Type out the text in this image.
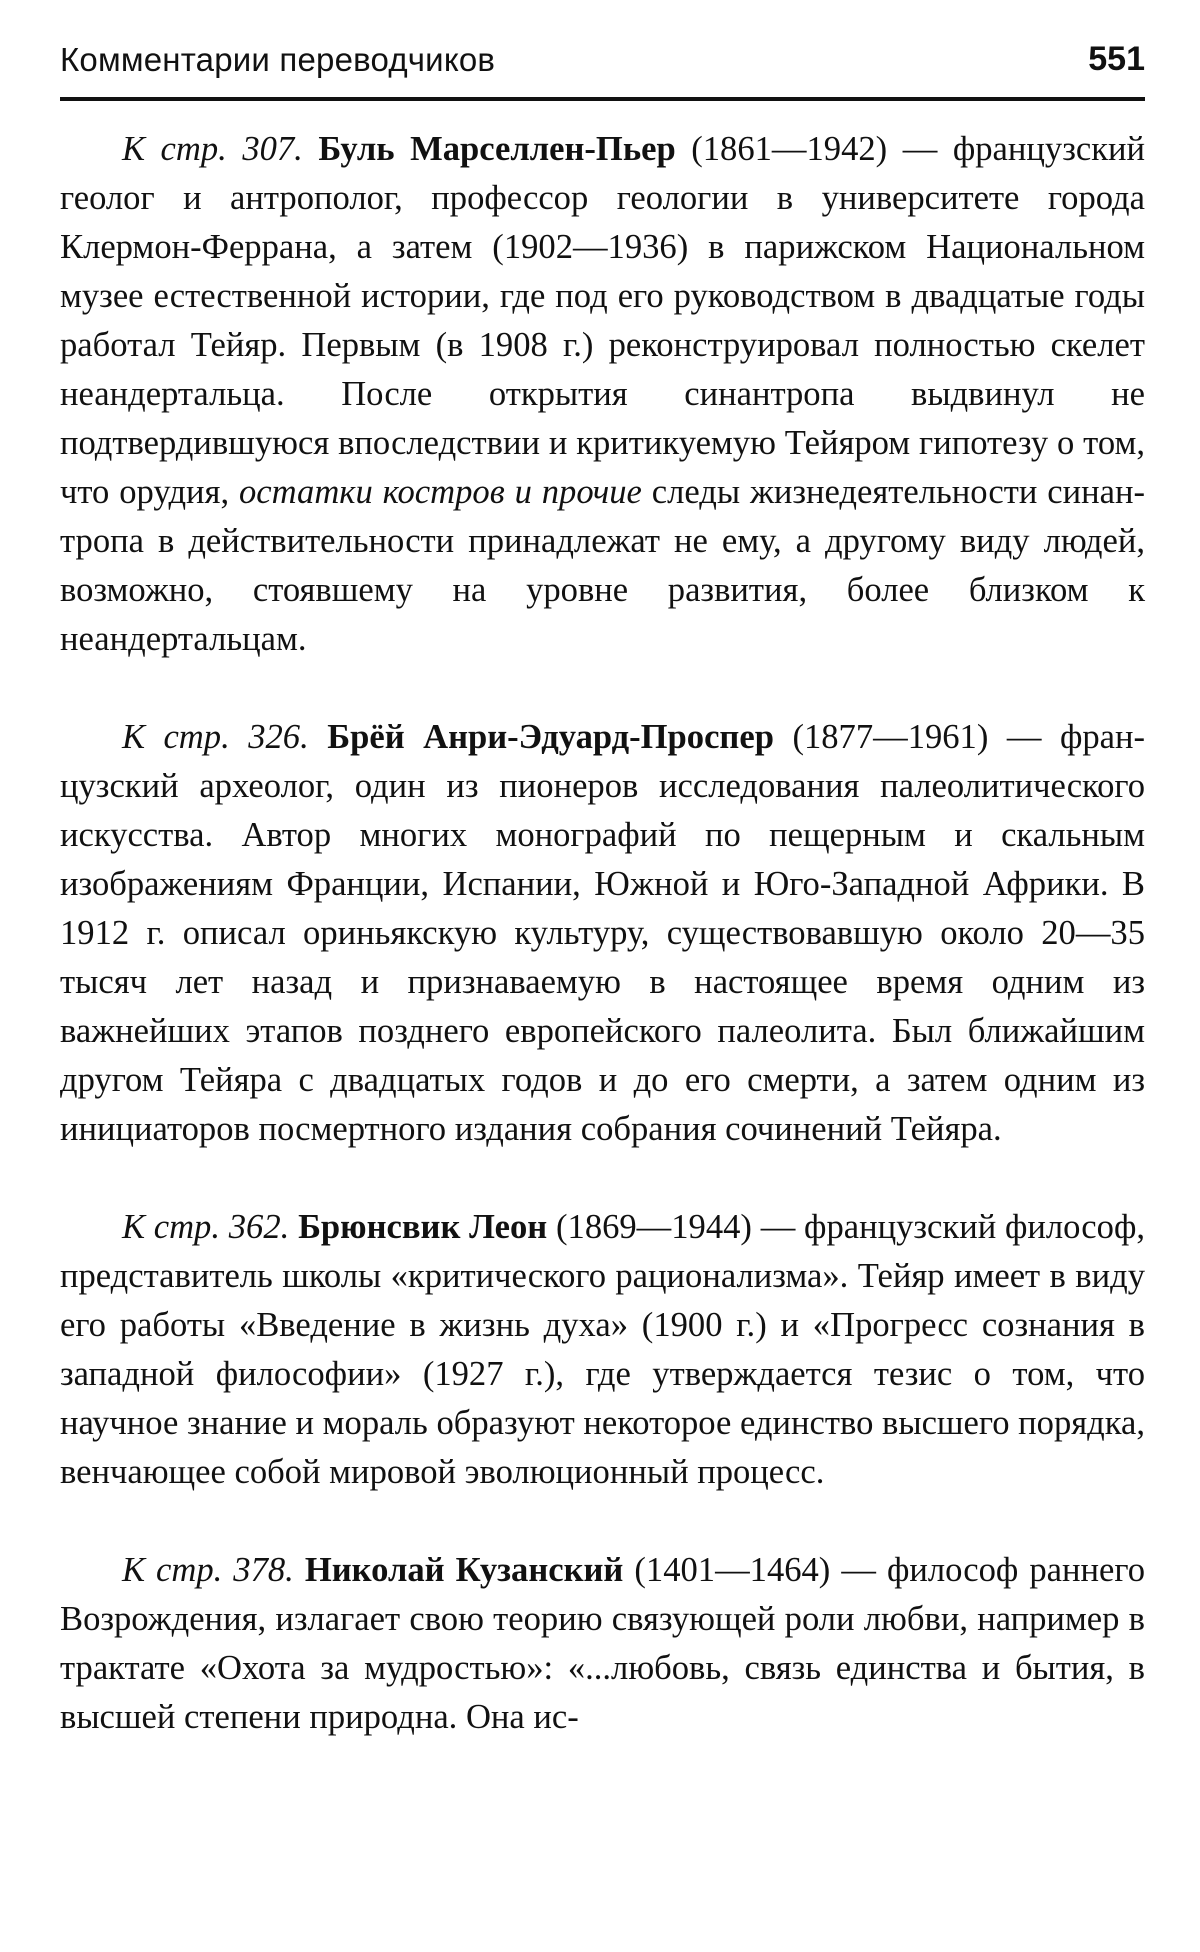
Комментарии переводчиков	551

К стр. 307. Буль Марселлен-Пьер (1861—1942) — французский геолог и антрополог, профессор геологии в университете города Клермон-Феррана, а затем (1902—1936) в парижском Национальном музее естественной истории, где под его руководством в двадцатые годы работал Тейяр. Первым (в 1908 г.) реконструировал полностью скелет неандертальца. После открытия синантропа выдвинул не подтвердившуюся впоследствии и критикуемую Тейяром гипотезу о том, что орудия, остатки костров и прочие следы жизнедеятельности синантропа в действительности принадлежат не ему, а другому виду людей, возможно, стоявшему на уровне развития, более близком к неандертальцам.

К стр. 326. Брёй Анри-Эдуард-Проспер (1877—1961) — французский археолог, один из пионеров исследования палеолитического искусства. Автор многих монографий по пещерным и скальным изображениям Франции, Испании, Южной и Юго-Западной Африки. В 1912 г. описал ориньякскую культуру, существовавшую около 20—35 тысяч лет назад и признаваемую в настоящее время одним из важнейших этапов позднего европейского палеолита. Был ближайшим другом Тейяра с двадцатых годов и до его смерти, а затем одним из инициаторов посмертного издания собрания сочинений Тейяра.

К стр. 362. Брюнсвик Леон (1869—1944) — французский философ, представитель школы «критического рационализма». Тейяр имеет в виду его работы «Введение в жизнь духа» (1900 г.) и «Прогресс сознания в западной философии» (1927 г.), где утверждается тезис о том, что научное знание и мораль образуют некоторое единство высшего порядка, венчающее собой мировой эволюционный процесс.

К стр. 378. Николай Кузанский (1401—1464) — философ раннего Возрождения, излагает свою теорию связующей роли любви, например в трактате «Охота за мудростью»: «...любовь, связь единства и бытия, в высшей степени природна. Она ис-
